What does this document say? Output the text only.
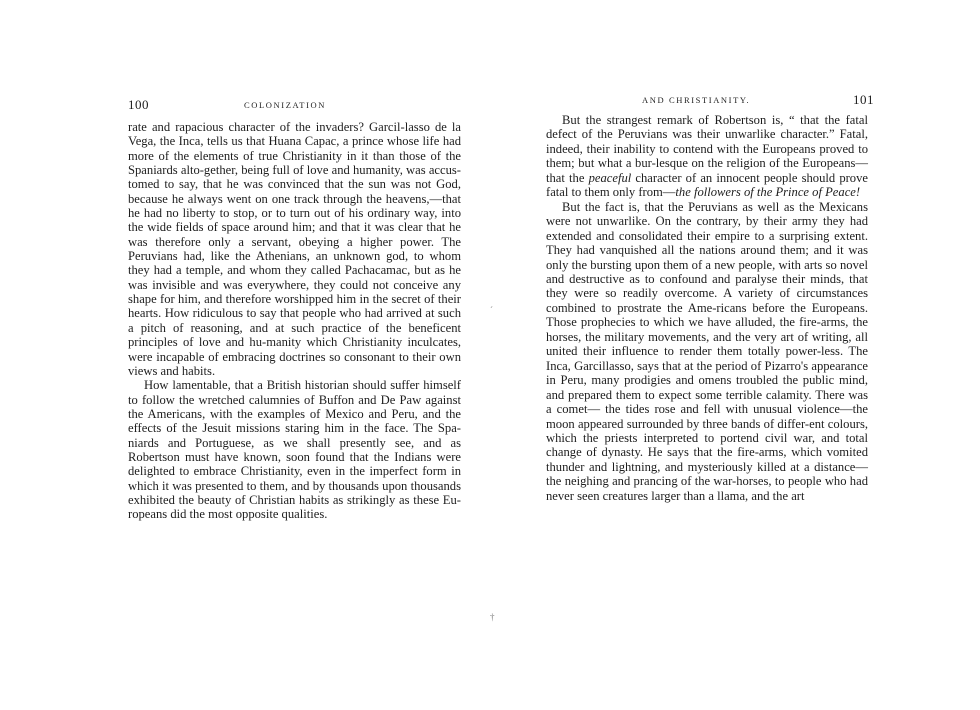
100	COLONIZATION

rate and rapacious character of the invaders? Garcil-lasso de la Vega, the Inca, tells us that Huana Capac, a prince whose life had more of the elements of true Christianity in it than those of the Spaniards alto-gether, being full of love and humanity, was accus-tomed to say, that he was convinced that the sun was not God, because he always went on one track through the heavens,—that he had no liberty to stop, or to turn out of his ordinary way, into the wide fields of space around him; and that it was clear that he was therefore only a servant, obeying a higher power. The Peruvians had, like the Athenians, an unknown god, to whom they had a temple, and whom they called Pachacamac, but as he was invisible and was everywhere, they could not conceive any shape for him, and therefore worshipped him in the secret of their hearts. How ridiculous to say that people who had arrived at such a pitch of reasoning, and at such practice of the beneficent principles of love and hu-manity which Christianity inculcates, were incapable of embracing doctrines so consonant to their own views and habits.

How lamentable, that a British historian should suffer himself to follow the wretched calumnies of Buffon and De Paw against the Americans, with the examples of Mexico and Peru, and the effects of the Jesuit missions staring him in the face. The Spa-niards and Portuguese, as we shall presently see, and as Robertson must have known, soon found that the Indians were delighted to embrace Christianity, even in the imperfect form in which it was presented to them, and by thousands upon thousands exhibited the beauty of Christian habits as strikingly as these Eu-ropeans did the most opposite qualities.

AND CHRISTIANITY.	101

But the strangest remark of Robertson is, “ that the fatal defect of the Peruvians was their unwarlike character.” Fatal, indeed, their inability to contend with the Europeans proved to them; but what a bur-lesque on the religion of the Europeans—that the peaceful character of an innocent people should prove fatal to them only from—the followers of the Prince of Peace!

But the fact is, that the Peruvians as well as the Mexicans were not unwarlike. On the contrary, by their army they had extended and consolidated their empire to a surprising extent. They had vanquished all the nations around them; and it was only the bursting upon them of a new people, with arts so novel and destructive as to confound and paralyse their minds, that they were so readily overcome. A variety of circumstances combined to prostrate the Ame-ricans before the Europeans. Those prophecies to which we have alluded, the fire-arms, the horses, the military movements, and the very art of writing, all united their influence to render them totally power-less. The Inca, Garcillasso, says that at the period of Pizarro's appearance in Peru, many prodigies and omens troubled the public mind, and prepared them to expect some terrible calamity. There was a comet— the tides rose and fell with unusual violence—the moon appeared surrounded by three bands of differ-ent colours, which the priests interpreted to portend civil war, and total change of dynasty. He says that the fire-arms, which vomited thunder and lightning, and mysteriously killed at a distance—the neighing and prancing of the war-horses, to people who had never seen creatures larger than a llama, and the art

ˊ
†
